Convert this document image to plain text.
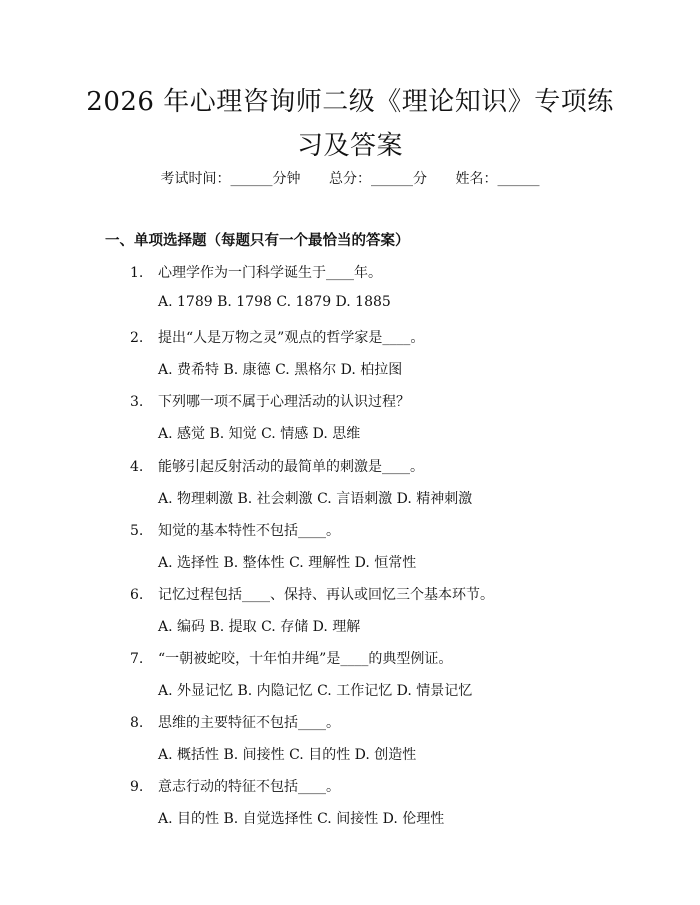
2026 年心理咨询师二级《理论知识》专项练
习及答案
考试时间：______分钟 总分：______分 姓名：______
一、单项选择题（每题只有一个最恰当的答案）
1. 心理学作为一门科学诞生于____年。
A. 1789 B. 1798 C. 1879 D. 1885
2. 提出“人是万物之灵”观点的哲学家是____。
A. 费希特 B. 康德 C. 黑格尔 D. 柏拉图
3. 下列哪一项不属于心理活动的认识过程？
A. 感觉 B. 知觉 C. 情感 D. 思维
4. 能够引起反射活动的最简单的刺激是____。
A. 物理刺激 B. 社会刺激 C. 言语刺激 D. 精神刺激
5. 知觉的基本特性不包括____。
A. 选择性 B. 整体性 C. 理解性 D. 恒常性
6. 记忆过程包括____、保持、再认或回忆三个基本环节。
A. 编码 B. 提取 C. 存储 D. 理解
7. “一朝被蛇咬，十年怕井绳”是____的典型例证。
A. 外显记忆 B. 内隐记忆 C. 工作记忆 D. 情景记忆
8. 思维的主要特征不包括____。
A. 概括性 B. 间接性 C. 目的性 D. 创造性
9. 意志行动的特征不包括____。
A. 目的性 B. 自觉选择性 C. 间接性 D. 伦理性
